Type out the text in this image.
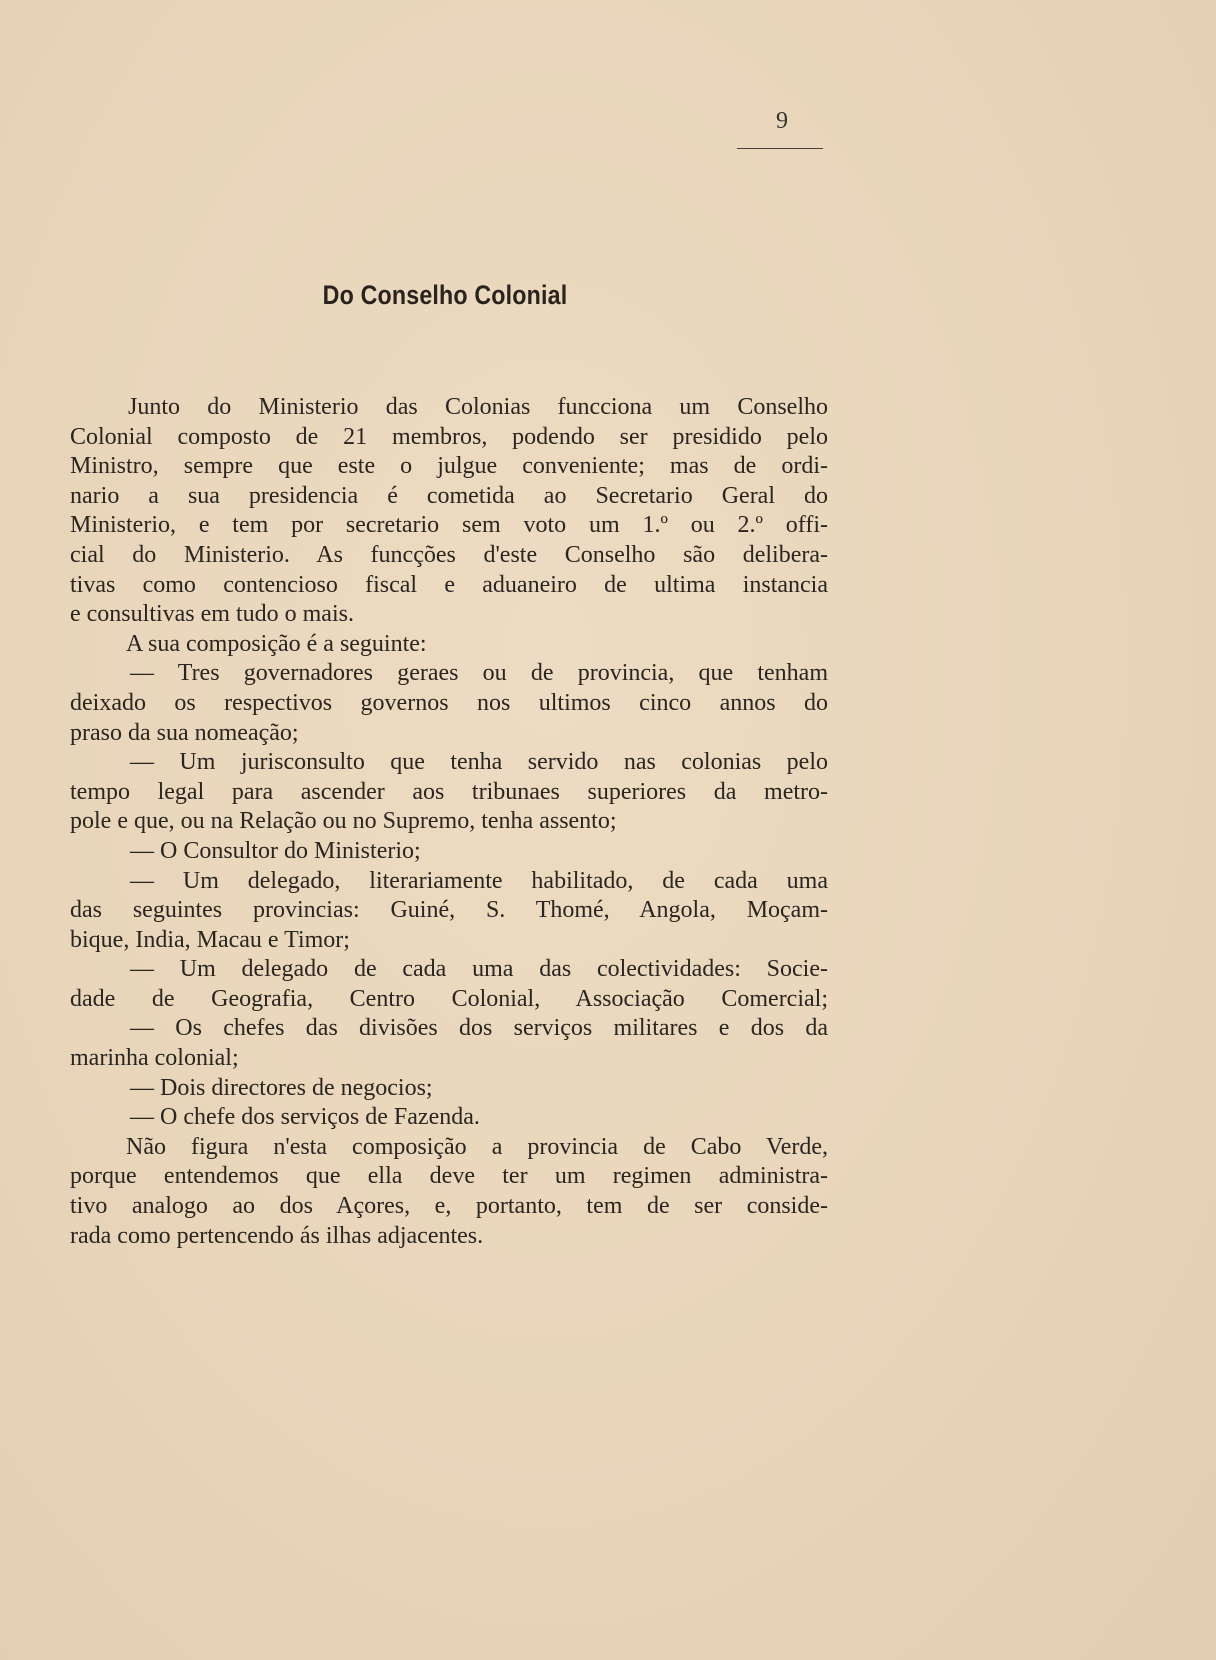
9
Do Conselho Colonial
Junto do Ministerio das Colonias funcciona um Conselho
Colonial composto de 21 membros, podendo ser presidido pelo
Ministro, sempre que este o julgue conveniente; mas de ordi-
nario a sua presidencia é cometida ao Secretario Geral do
Ministerio, e tem por secretario sem voto um 1.º ou 2.º offi-
cial do Ministerio. As funcções d'este Conselho são delibera-
tivas como contencioso fiscal e aduaneiro de ultima instancia
e consultivas em tudo o mais.
A sua composição é a seguinte:
— Tres governadores geraes ou de provincia, que tenham
deixado os respectivos governos nos ultimos cinco annos do
praso da sua nomeação;
— Um jurisconsulto que tenha servido nas colonias pelo
tempo legal para ascender aos tribunaes superiores da metro-
pole e que, ou na Relação ou no Supremo, tenha assento;
— O Consultor do Ministerio;
— Um delegado, literariamente habilitado, de cada uma
das seguintes provincias: Guiné, S. Thomé, Angola, Moçam-
bique, India, Macau e Timor;
— Um delegado de cada uma das colectividades: Socie-
dade de Geografia, Centro Colonial, Associação Comercial;
— Os chefes das divisões dos serviços militares e dos da
marinha colonial;
— Dois directores de negocios;
— O chefe dos serviços de Fazenda.
Não figura n'esta composição a provincia de Cabo Verde,
porque entendemos que ella deve ter um regimen administra-
tivo analogo ao dos Açores, e, portanto, tem de ser conside-
rada como pertencendo ás ilhas adjacentes.
